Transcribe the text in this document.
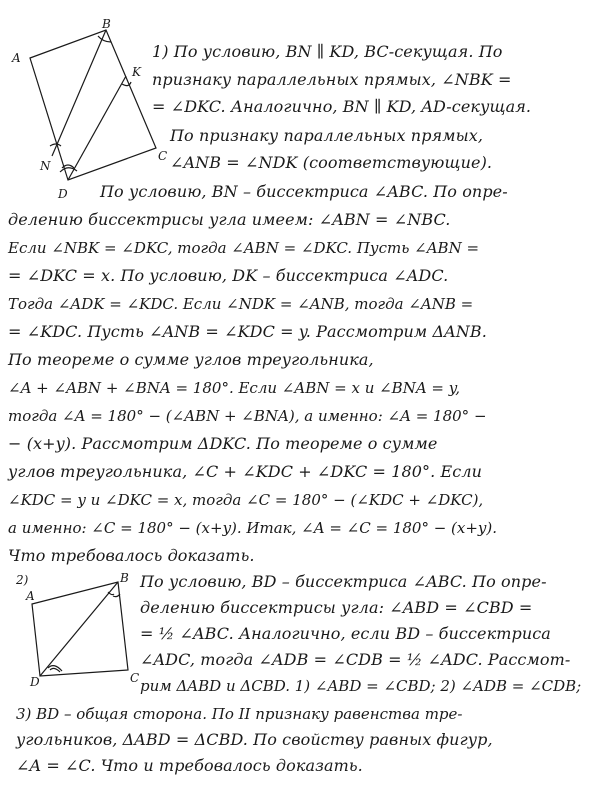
A
B
K
N
C
D
1) По условию, BN ∥ KD, BC-секущая. По
признаку параллельных прямых, ∠NBK =
= ∠DKC. Аналогично, BN ∥ KD, AD-секущая.
По признаку параллельных прямых,
∠ANB = ∠NDK (соответствующие).
По условию, BN – биссектриса ∠ABC. По опре-
делению биссектрисы угла имеем: ∠ABN = ∠NBC.
Если ∠NBK = ∠DKC, тогда ∠ABN = ∠DKC. Пусть ∠ABN =
= ∠DKC = x. По условию, DK – биссектриса ∠ADC.
Тогда ∠ADK = ∠KDC. Если ∠NDK = ∠ANB, тогда ∠ANB =
= ∠KDC. Пусть ∠ANB = ∠KDC = y. Рассмотрим ΔANB.
По теореме о сумме углов треугольника,
∠A + ∠ABN + ∠BNA = 180°. Если ∠ABN = x и ∠BNA = y,
тогда ∠A = 180° − (∠ABN + ∠BNA), а именно: ∠A = 180° −
− (x+y). Рассмотрим ΔDKC. По теореме о сумме
углов треугольника, ∠C + ∠KDC + ∠DKC = 180°. Если
∠KDC = y и ∠DKC = x, тогда ∠C = 180° − (∠KDC + ∠DKC),
а именно: ∠C = 180° − (x+y). Итак, ∠A = ∠C = 180° − (x+y).
Что требовалось доказать.
2)
A
B
C
D
По условию, BD – биссектриса ∠ABC. По опре-
делению биссектрисы угла: ∠ABD = ∠CBD =
= ½ ∠ABC. Аналогично, если BD – биссектриса
∠ADC, тогда ∠ADB = ∠CDB = ½ ∠ADC. Рассмот-
рим ΔABD и ΔCBD. 1) ∠ABD = ∠CBD; 2) ∠ADB = ∠CDB;
3) BD – общая сторона. По II признаку равенства тре-
угольников, ΔABD = ΔCBD. По свойству равных фигур,
∠A = ∠C. Что и требовалось доказать.
